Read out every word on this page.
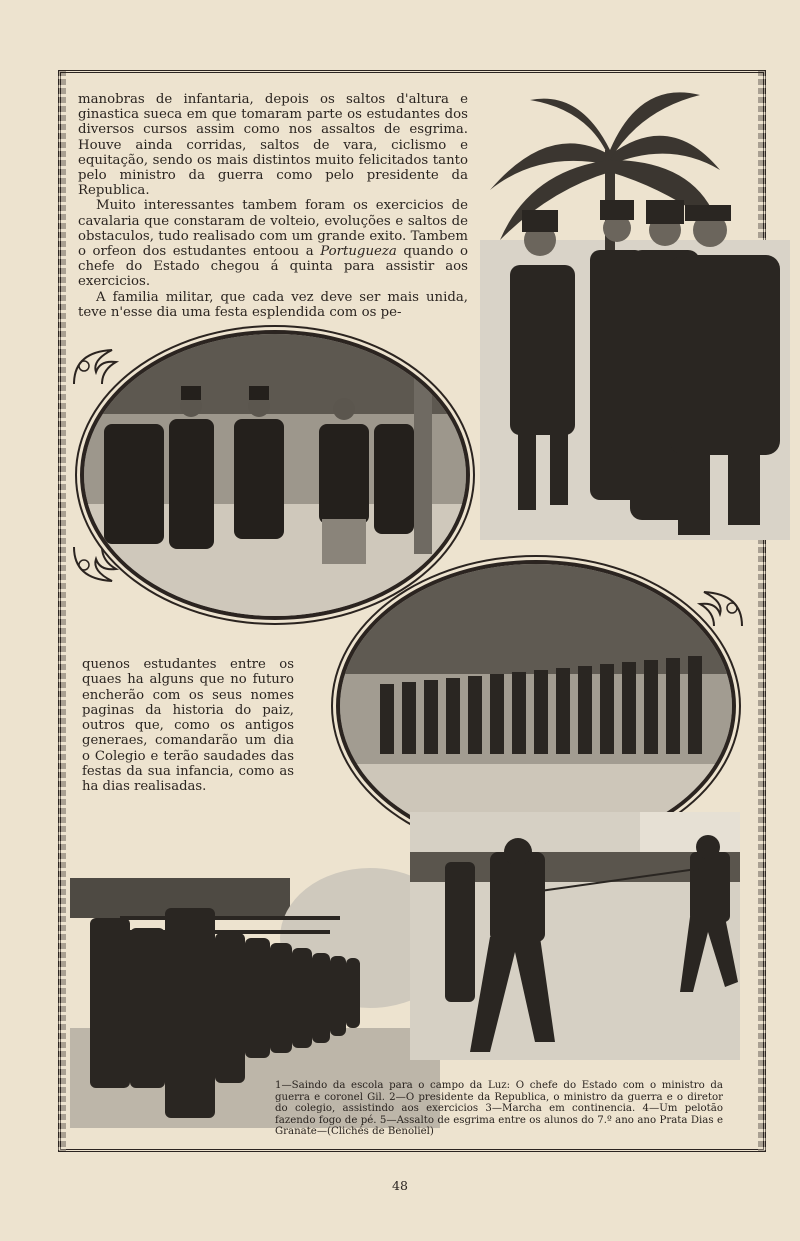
manobras de infantaria, depois os saltos d'altura e ginastica sueca em que tomaram parte os estudantes dos diversos cursos assim como nos assaltos de esgrima. Houve ainda corridas, saltos de vara, ciclismo e equitação, sendo os mais distintos muito felicitados tanto pelo ministro da guerra como pelo presidente da Republica.

Muito interessantes tambem foram os exercicios de cavalaria que constaram de volteio, evoluções e saltos de obstaculos, tudo realisado com um grande exito. Tambem o orfeon dos estudantes entoou a Portugueza quando o chefe do Estado chegou á quinta para assistir aos exercicios.

A familia militar, que cada vez deve ser mais unida, teve n'esse dia uma festa esplendida com os pe-

quenos estudantes entre os quaes ha alguns que no futuro encherão com os seus nomes paginas da historia do paiz, outros que, como os antigos generaes, comandarão um dia o Colegio e terão saudades das festas da sua infancia, como as ha dias realisadas.

1—Saindo da escola para o campo da Luz: O chefe do Estado com o ministro da guerra e coronel Gil. 2—O presidente da Republica, o ministro da guerra e o diretor do colegio, assistindo aos exercicios 3—Marcha em continencia. 4—Um pelotão fazendo fogo de pé. 5—Assalto de esgrima entre os alunos do 7.º ano ano Prata Dias e Granate—(Clichés de Benoliel)
48
